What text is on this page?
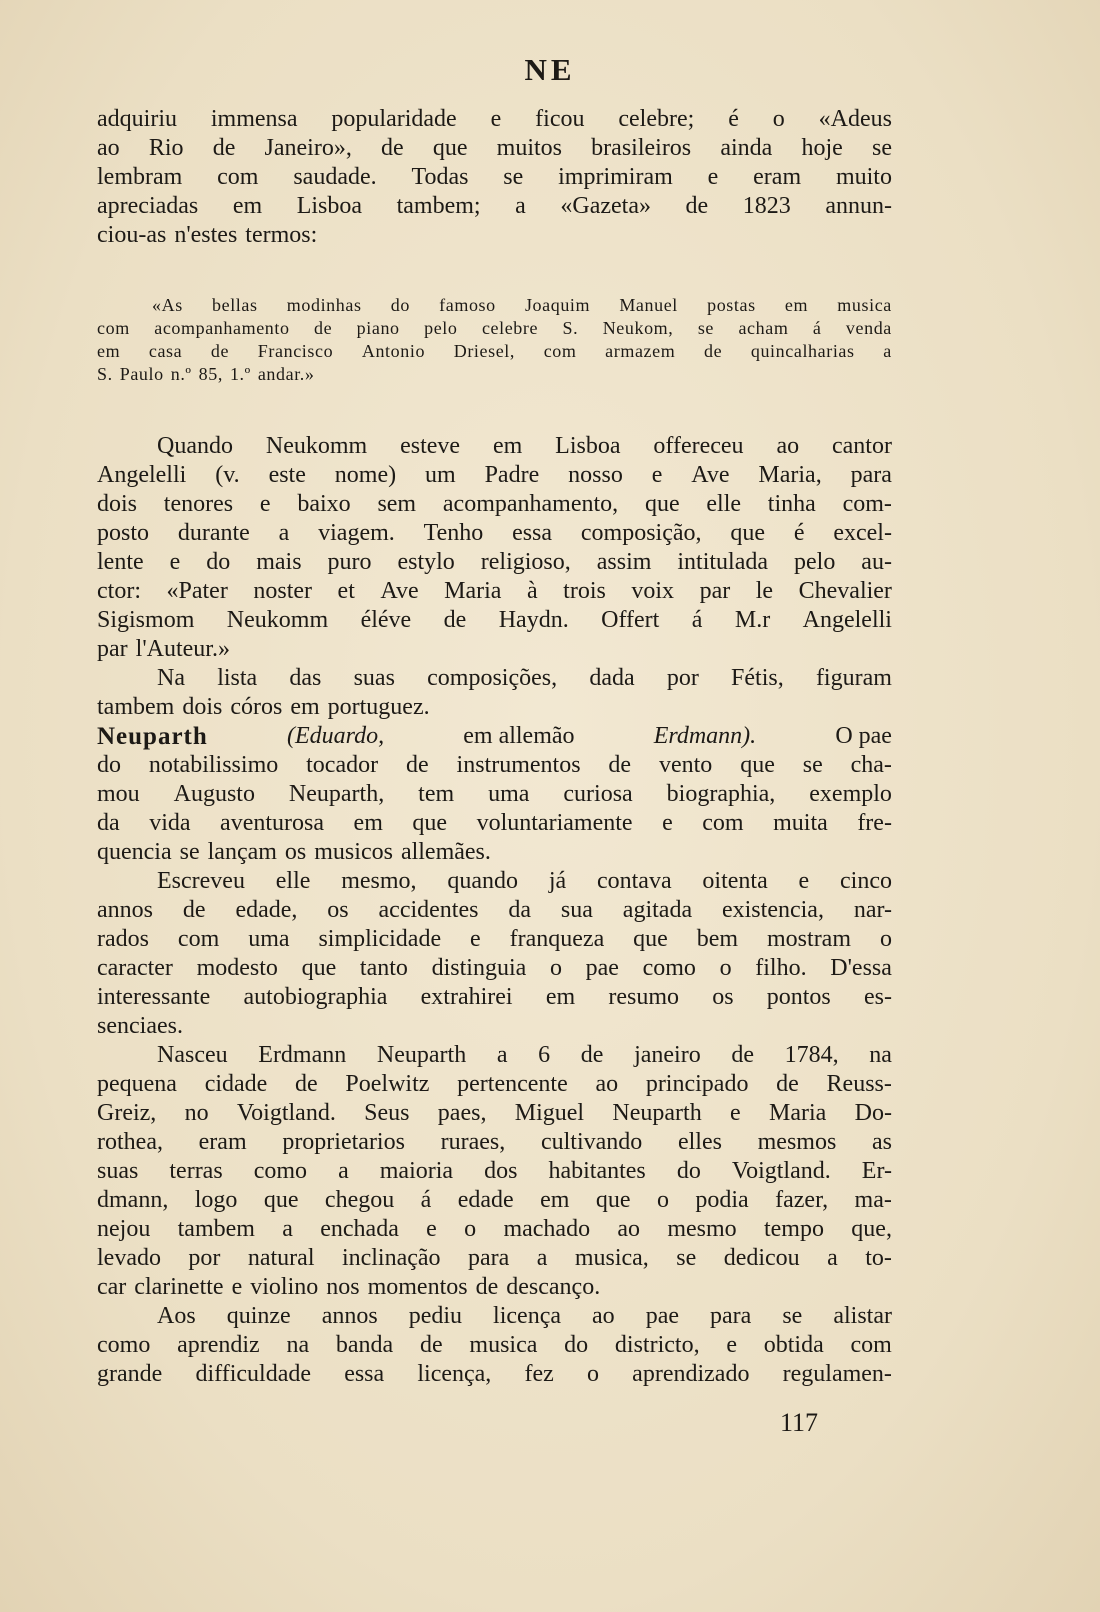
NE
adquiriu immensa popularidade e ficou celebre; é o «Adeus
ao Rio de Janeiro», de que muitos brasileiros ainda hoje se
lembram com saudade. Todas se imprimiram e eram muito
apreciadas em Lisboa tambem; a «Gazeta» de 1823 annun-
ciou-as n'estes termos:
«As bellas modinhas do famoso Joaquim Manuel postas em musica
com acompanhamento de piano pelo celebre S. Neukom, se acham á venda
em casa de Francisco Antonio Driesel, com armazem de quincalharias a
S. Paulo n.º 85, 1.º andar.»
Quando Neukomm esteve em Lisboa offereceu ao cantor
Angelelli (v. este nome) um Padre nosso e Ave Maria, para
dois tenores e baixo sem acompanhamento, que elle tinha com-
posto durante a viagem. Tenho essa composição, que é excel-
lente e do mais puro estylo religioso, assim intitulada pelo au-
ctor: «Pater noster et Ave Maria à trois voix par le Chevalier
Sigismom Neukomm éléve de Haydn. Offert á M.r Angelelli
par l'Auteur.»
Na lista das suas composições, dada por Fétis, figuram
tambem dois córos em portuguez.
Neuparth	(Eduardo,	em allemão	Erdmann).	O pae
do notabilissimo tocador de instrumentos de vento que se cha-
mou Augusto Neuparth, tem uma curiosa biographia, exemplo
da vida aventurosa em que voluntariamente e com muita fre-
quencia se lançam os musicos allemães.
Escreveu elle mesmo, quando já contava oitenta e cinco
annos de edade, os accidentes da sua agitada existencia, nar-
rados com uma simplicidade e franqueza que bem mostram o
caracter modesto que tanto distinguia o pae como o filho. D'essa
interessante autobiographia extrahirei em resumo os pontos es-
senciaes.
Nasceu Erdmann Neuparth a 6 de janeiro de 1784, na
pequena cidade de Poelwitz pertencente ao principado de Reuss-
Greiz, no Voigtland. Seus paes, Miguel Neuparth e Maria Do-
rothea, eram proprietarios ruraes, cultivando elles mesmos as
suas terras como a maioria dos habitantes do Voigtland. Er-
dmann, logo que chegou á edade em que o podia fazer, ma-
nejou tambem a enchada e o machado ao mesmo tempo que,
levado por natural inclinação para a musica, se dedicou a to-
car clarinette e violino nos momentos de descanço.
Aos quinze annos pediu licença ao pae para se alistar
como aprendiz na banda de musica do districto, e obtida com
grande difficuldade essa licença, fez o aprendizado regulamen-
117
